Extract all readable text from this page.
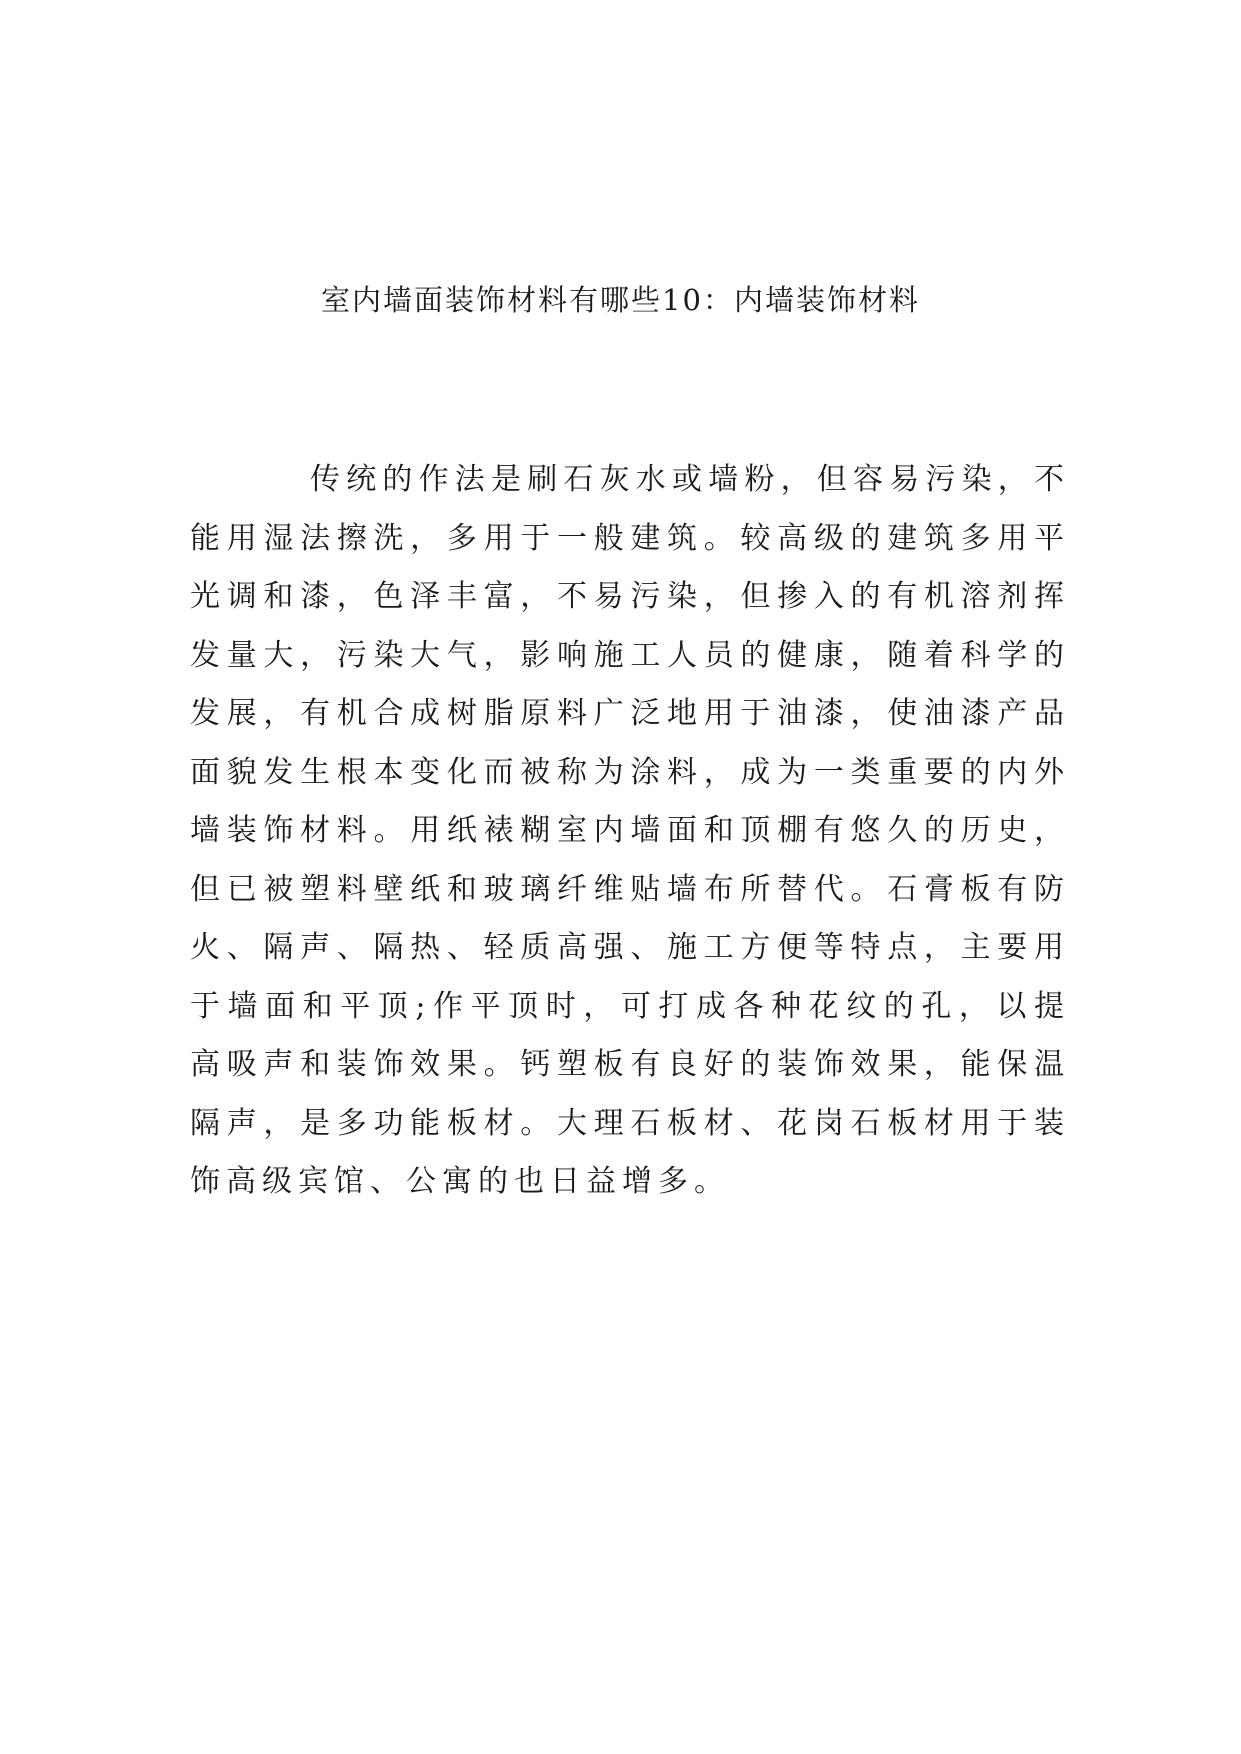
室内墙面装饰材料有哪些10：内墙装饰材料

传统的作法是刷石灰水或墙粉，但容易污染，不能用湿法擦洗，多用于一般建筑。较高级的建筑多用平光调和漆，色泽丰富，不易污染，但掺入的有机溶剂挥发量大，污染大气，影响施工人员的健康，随着科学的发展，有机合成树脂原料广泛地用于油漆，使油漆产品面貌发生根本变化而被称为涂料，成为一类重要的内外墙装饰材料。用纸裱糊室内墙面和顶棚有悠久的历史，但已被塑料壁纸和玻璃纤维贴墙布所替代。石膏板有防火、隔声、隔热、轻质高强、施工方便等特点，主要用于墙面和平顶;作平顶时，可打成各种花纹的孔，以提高吸声和装饰效果。钙塑板有良好的装饰效果，能保温隔声，是多功能板材。大理石板材、花岗石板材用于装饰高级宾馆、公寓的也日益增多。
